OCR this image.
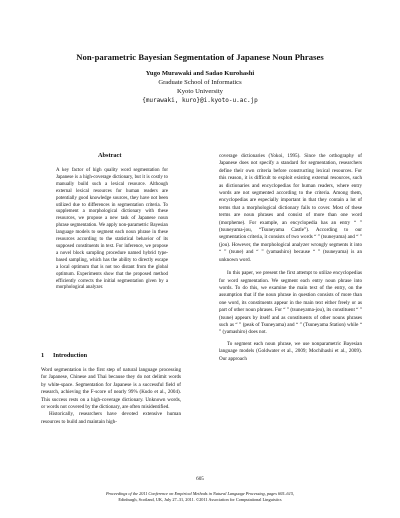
Non-parametric Bayesian Segmentation of Japanese Noun Phrases
Yugo Murawaki and Sadao Kurohashi
Graduate School of Informatics
Kyoto University
{murawaki, kuro}@i.kyoto-u.ac.jp
Abstract
A key factor of high quality word segmentation for Japanese is a high-coverage dictionary, but it is costly to manually build such a lexical resource. Although external lexical resources for human readers are potentially good knowledge sources, they have not been utilized due to differences in segmentation criteria. To supplement a morphological dictionary with these resources, we propose a new task of Japanese noun phrase segmentation. We apply non-parametric Bayesian language models to segment each noun phrase in these resources according to the statistical behavior of its supposed constituents in text. For inference, we propose a novel block sampling procedure named hybrid type-based sampling, which has the ability to directly escape a local optimum that is not too distant from the global optimum. Experiments show that the proposed method efficiently corrects the initial segmentation given by a morphological analyzer.
1 Introduction

Word segmentation is the first step of natural language processing for Japanese, Chinese and Thai because they do not delimit words by white-space. Segmentation for Japanese is a successful field of research, achieving the F-score of nearly 99% (Kudo et al., 2004). This success rests on a high-coverage dictionary. Unknown words, or words not covered by the dictionary, are often misidentified.

Historically, researchers have devoted extensive human resources to build and maintain high-

coverage dictionaries (Yokoi, 1995). Since the orthography of Japanese does not specify a standard for segmentation, researchers define their own criteria before constructing lexical resources. For this reason, it is difficult to exploit existing external resources, such as dictionaries and encyclopedias for human readers, where entry words are not segmented according to the criteria. Among them, encyclopedias are especially important in that they contain a lot of terms that a morphological dictionary fails to cover. Most of these terms are noun phrases and consist of more than one word (morpheme). For example, an encyclopedia has an entry “ ” (tsuneyama-jou, “Tsuneyama Castle”). According to our segmentation criteria, it consists of two words “ ” (tsuneyama) and “ ” (jou). However, the morphological analyzer wrongly segments it into “ ” (tsune) and “ ” (yamashiro) because “ ” (tsuneyama) is an unknown word.

In this paper, we present the first attempt to utilize encyclopedias for word segmentation. We segment each entry noun phrase into words. To do this, we examine the main text of the entry, on the assumption that if the noun phrase in question consists of more than one word, its constituents appear in the main text either freely or as part of other noun phrases. For “ ” (tsuneyama-jou), its constituent “ ” (tsune) appears by itself and as constituents of other nouns phrases such as “ ” (peak of Tsuneyama) and “ ” (Tsuneyama Station) while “ ” (yamashiro) does not.

To segment each noun phrase, we use nonparametric Bayesian language models (Goldwater et al., 2009; Mochihashi et al., 2009). Our approach

605
Proceedings of the 2011 Conference on Empirical Methods in Natural Language Processing, pages 605–615,
Edinburgh, Scotland, UK, July 27–31, 2011. ©2011 Association for Computational Linguistics
